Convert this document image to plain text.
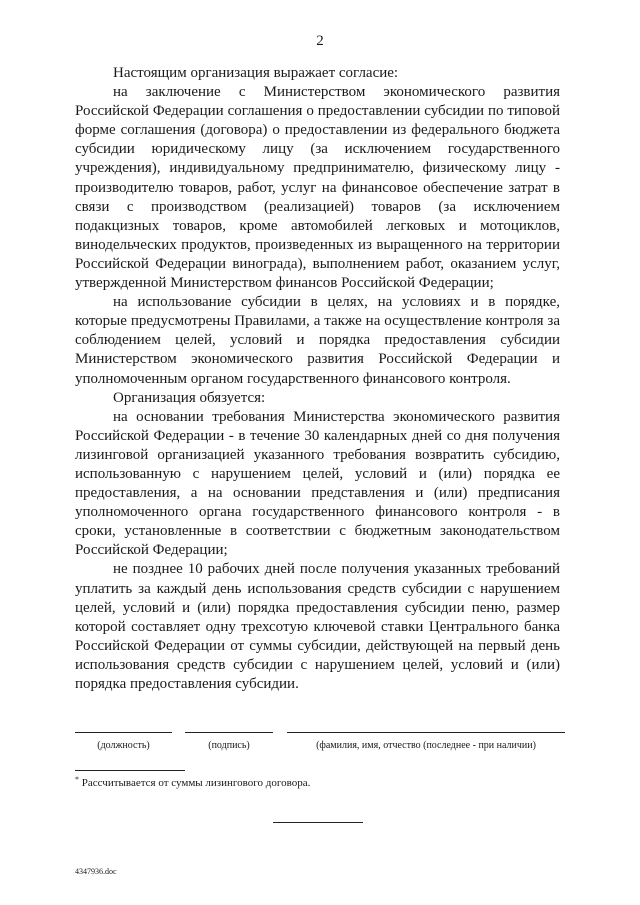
2

Настоящим организация выражает согласие:

на заключение с Министерством экономического развития Российской Федерации соглашения о предоставлении субсидии по типовой форме соглашения (договора) о предоставлении из федерального бюджета субсидии юридическому лицу (за исключением государственного учреждения), индивидуальному предпринимателю, физическому лицу - производителю товаров, работ, услуг на финансовое обеспечение затрат в связи с производством (реализацией) товаров (за исключением подакцизных товаров, кроме автомобилей легковых и мотоциклов, винодельческих продуктов, произведенных из выращенного на территории Российской Федерации винограда), выполнением работ, оказанием услуг, утвержденной Министерством финансов Российской Федерации;

на использование субсидии в целях, на условиях и в порядке, которые предусмотрены Правилами, а также на осуществление контроля за соблюдением целей, условий и порядка предоставления субсидии Министерством экономического развития Российской Федерации и уполномоченным органом государственного финансового контроля.

Организация обязуется:

на основании требования Министерства экономического развития Российской Федерации - в течение 30 календарных дней со дня получения лизинговой организацией указанного требования возвратить субсидию, использованную с нарушением целей, условий и (или) порядка ее предоставления, а на основании представления и (или) предписания уполномоченного органа государственного финансового контроля - в сроки, установленные в соответствии с бюджетным законодательством Российской Федерации;

не позднее 10 рабочих дней после получения указанных требований уплатить за каждый день использования средств субсидии с нарушением целей, условий и (или) порядка предоставления субсидии пеню, размер которой составляет одну трехсотую ключевой ставки Центрального банка Российской Федерации от суммы субсидии, действующей на первый день использования средств субсидии с нарушением целей, условий и (или) порядка предоставления субсидии.

(должность)	(подпись)	(фамилия, имя, отчество (последнее - при наличии)
* Рассчитывается от суммы лизингового договора.
4347936.doc
